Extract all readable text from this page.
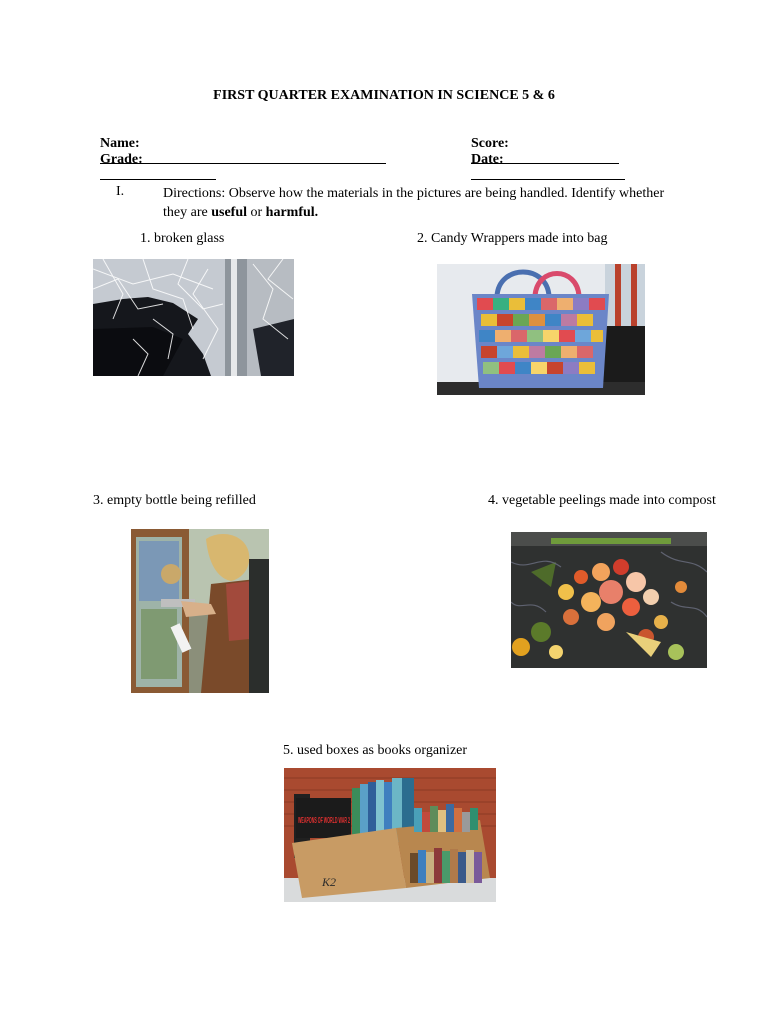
FIRST QUARTER EXAMINATION IN SCIENCE 5 & 6

Name:

Grade:

Score:

Date:

I.	Directions: Observe how the materials in the pictures are being handled. Identify whether they are useful or harmful.
1. broken glass	2. Candy Wrappers made into bag
3. empty bottle being refilled	4. vegetable peelings made into compost
5. used boxes as books organizer
WEAPONS OF WORLD WAR 2
K2
